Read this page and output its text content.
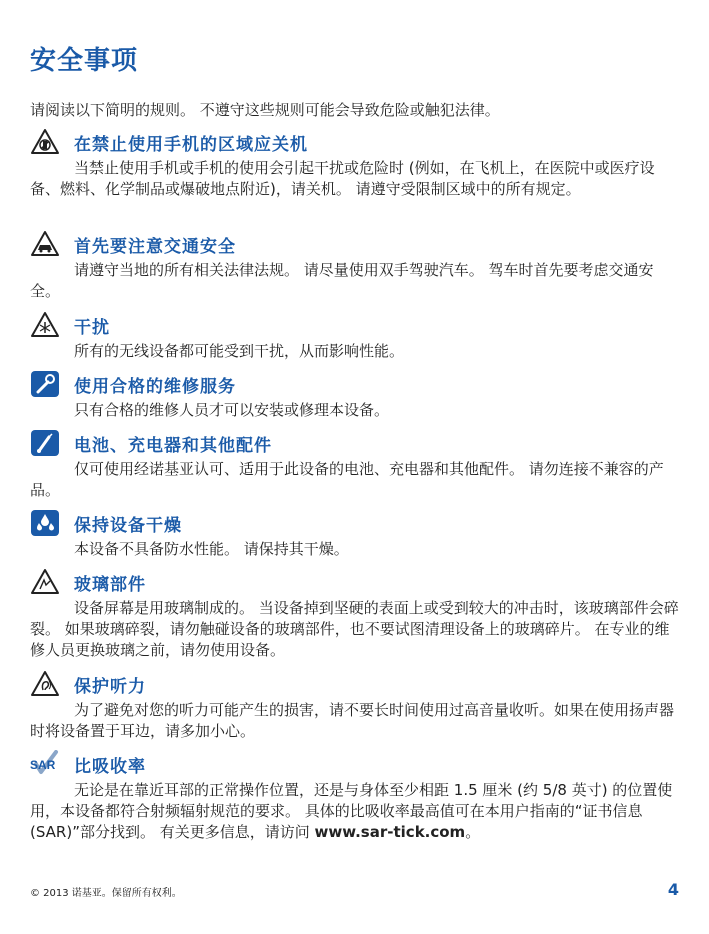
安全事项
请阅读以下简明的规则。 不遵守这些规则可能会导致危险或触犯法律。
在禁止使用手机的区域应关机
当禁止使用手机或手机的使用会引起干扰或危险时 (例如，在飞机上，在医院中或医疗设备、燃料、化学制品或爆破地点附近)，请关机。 请遵守受限制区域中的所有规定。
首先要注意交通安全
请遵守当地的所有相关法律法规。 请尽量使用双手驾驶汽车。 驾车时首先要考虑交通安全。
干扰
所有的无线设备都可能受到干扰，从而影响性能。
使用合格的维修服务
只有合格的维修人员才可以安装或修理本设备。
电池、充电器和其他配件
仅可使用经诺基亚认可、适用于此设备的电池、充电器和其他配件。 请勿连接不兼容的产品。
保持设备干燥
本设备不具备防水性能。 请保持其干燥。
玻璃部件
设备屏幕是用玻璃制成的。 当设备掉到坚硬的表面上或受到较大的冲击时，该玻璃部件会碎裂。 如果玻璃碎裂，请勿触碰设备的玻璃部件，也不要试图清理设备上的玻璃碎片。 在专业的维修人员更换玻璃之前，请勿使用设备。
保护听力
为了避免对您的听力可能产生的损害，请不要长时间使用过高音量收听。如果在使用扬声器时将设备置于耳边，请多加小心。
SAR 比吸收率
无论是在靠近耳部的正常操作位置，还是与身体至少相距 1.5 厘米 (约 5/8 英寸) 的位置使用，本设备都符合射频辐射规范的要求。 具体的比吸收率最高值可在本用户指南的“证书信息 (SAR)”部分找到。 有关更多信息，请访问 www.sar-tick.com。
© 2013 诺基亚。保留所有权利。	4
